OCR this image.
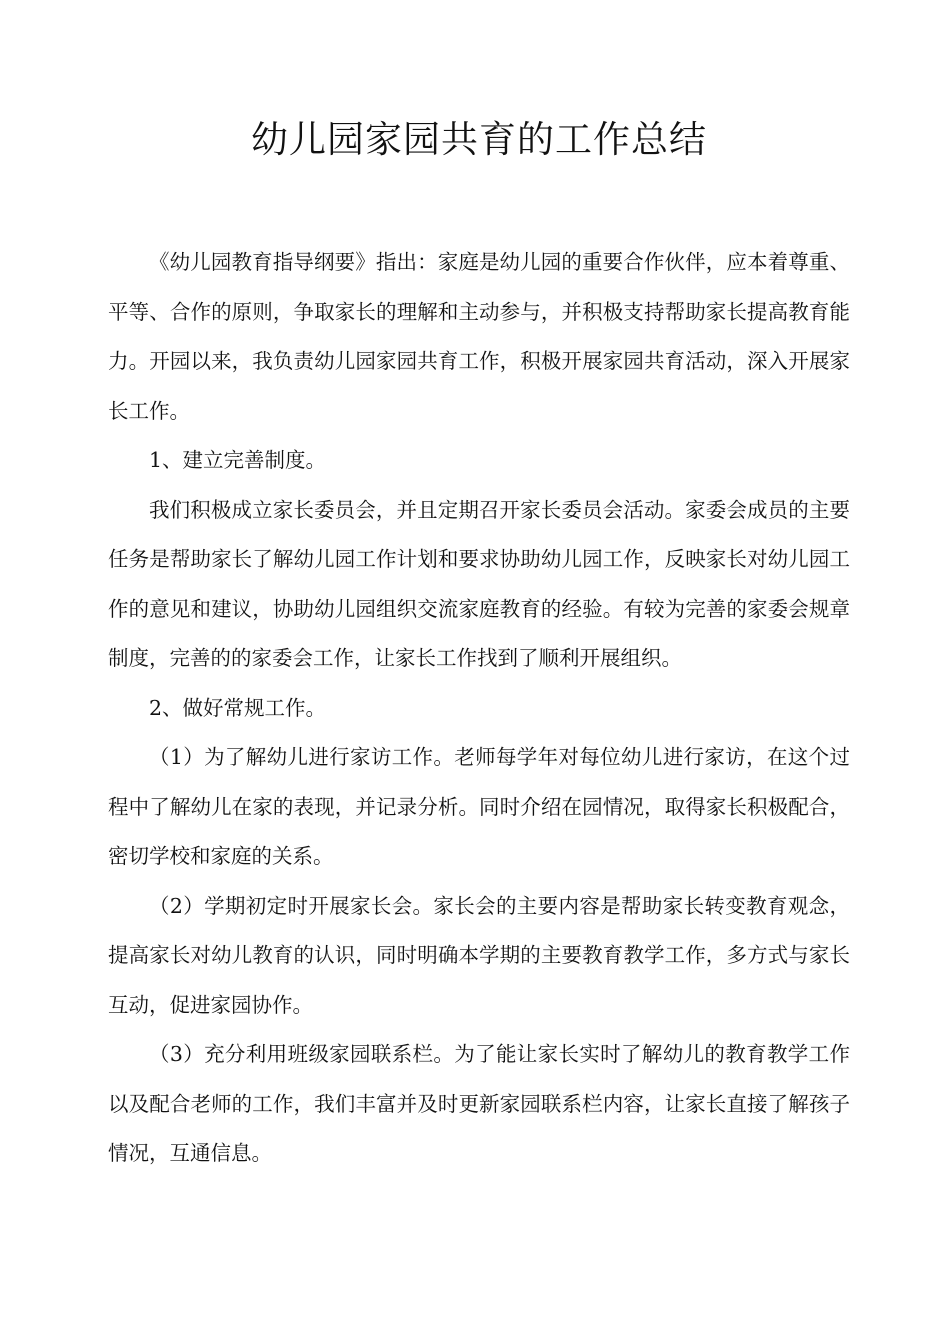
幼儿园家园共育的工作总结

《幼儿园教育指导纲要》指出：家庭是幼儿园的重要合作伙伴，应本着尊重、平等、合作的原则，争取家长的理解和主动参与，并积极支持帮助家长提高教育能力。开园以来，我负责幼儿园家园共育工作，积极开展家园共育活动，深入开展家长工作。

1、建立完善制度。

我们积极成立家长委员会，并且定期召开家长委员会活动。家委会成员的主要任务是帮助家长了解幼儿园工作计划和要求协助幼儿园工作，反映家长对幼儿园工作的意见和建议，协助幼儿园组织交流家庭教育的经验。有较为完善的家委会规章制度，完善的的家委会工作，让家长工作找到了顺利开展组织。

2、做好常规工作。

（1）为了解幼儿进行家访工作。老师每学年对每位幼儿进行家访，在这个过程中了解幼儿在家的表现，并记录分析。同时介绍在园情况，取得家长积极配合，密切学校和家庭的关系。

（2）学期初定时开展家长会。家长会的主要内容是帮助家长转变教育观念，提高家长对幼儿教育的认识，同时明确本学期的主要教育教学工作，多方式与家长互动，促进家园协作。

（3）充分利用班级家园联系栏。为了能让家长实时了解幼儿的教育教学工作以及配合老师的工作，我们丰富并及时更新家园联系栏内容，让家长直接了解孩子情况，互通信息。
